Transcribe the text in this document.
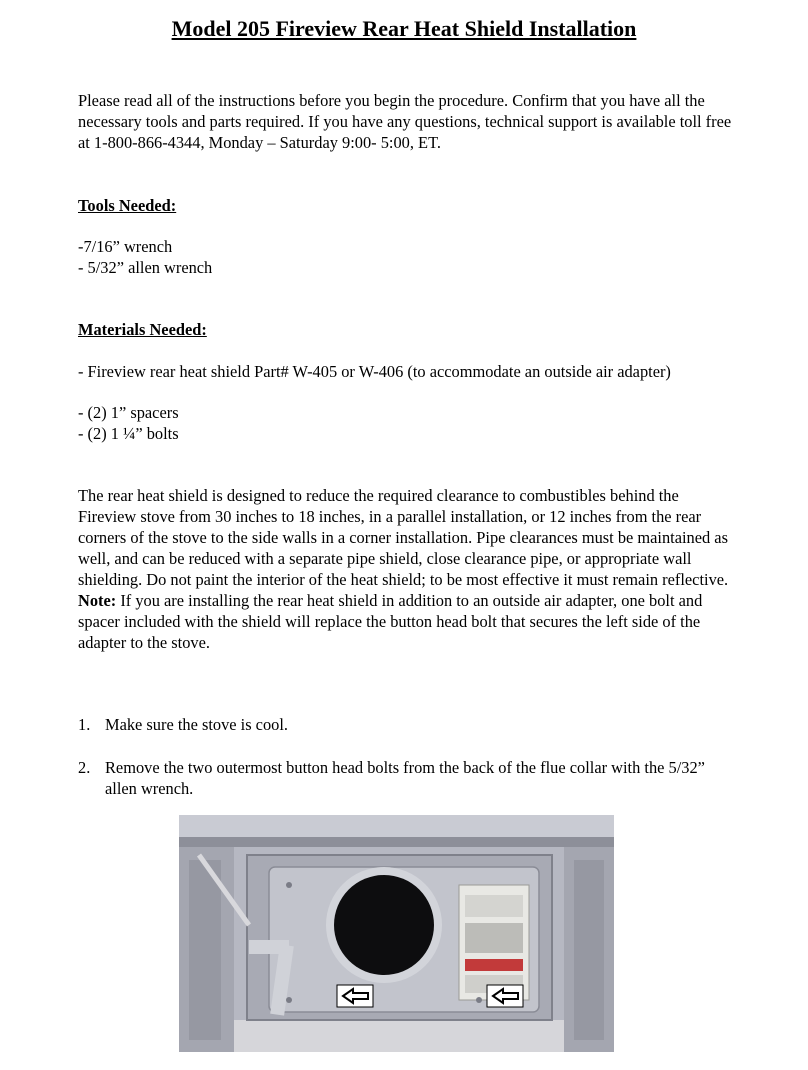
Model 205 Fireview Rear Heat Shield Installation

Please read all of the instructions before you begin the procedure. Confirm that you have all the necessary tools and parts required. If you have any questions, technical support is available toll free at 1-800-866-4344, Monday – Saturday 9:00- 5:00, ET.

Tools Needed:
-7/16” wrench
- 5/32” allen wrench
Materials Needed:
- Fireview rear heat shield Part# W-405 or W-406 (to accommodate an outside air adapter)
- (2) 1” spacers
- (2) 1 ¼” bolts

The rear heat shield is designed to reduce the required clearance to combustibles behind the Fireview stove from 30 inches to 18 inches, in a parallel installation, or 12 inches from the rear corners of the stove to the side walls in a corner installation. Pipe clearances must be maintained as well, and can be reduced with a separate pipe shield, close clearance pipe, or appropriate wall shielding. Do not paint the interior of the heat shield; to be most effective it must remain reflective.
Note: If you are installing the rear heat shield in addition to an outside air adapter, one bolt and spacer included with the shield will replace the button head bolt that secures the left side of the adapter to the stove.

1. Make sure the stove is cool.
2. Remove the two outermost button head bolts from the back of the flue collar with the 5/32” allen wrench.
